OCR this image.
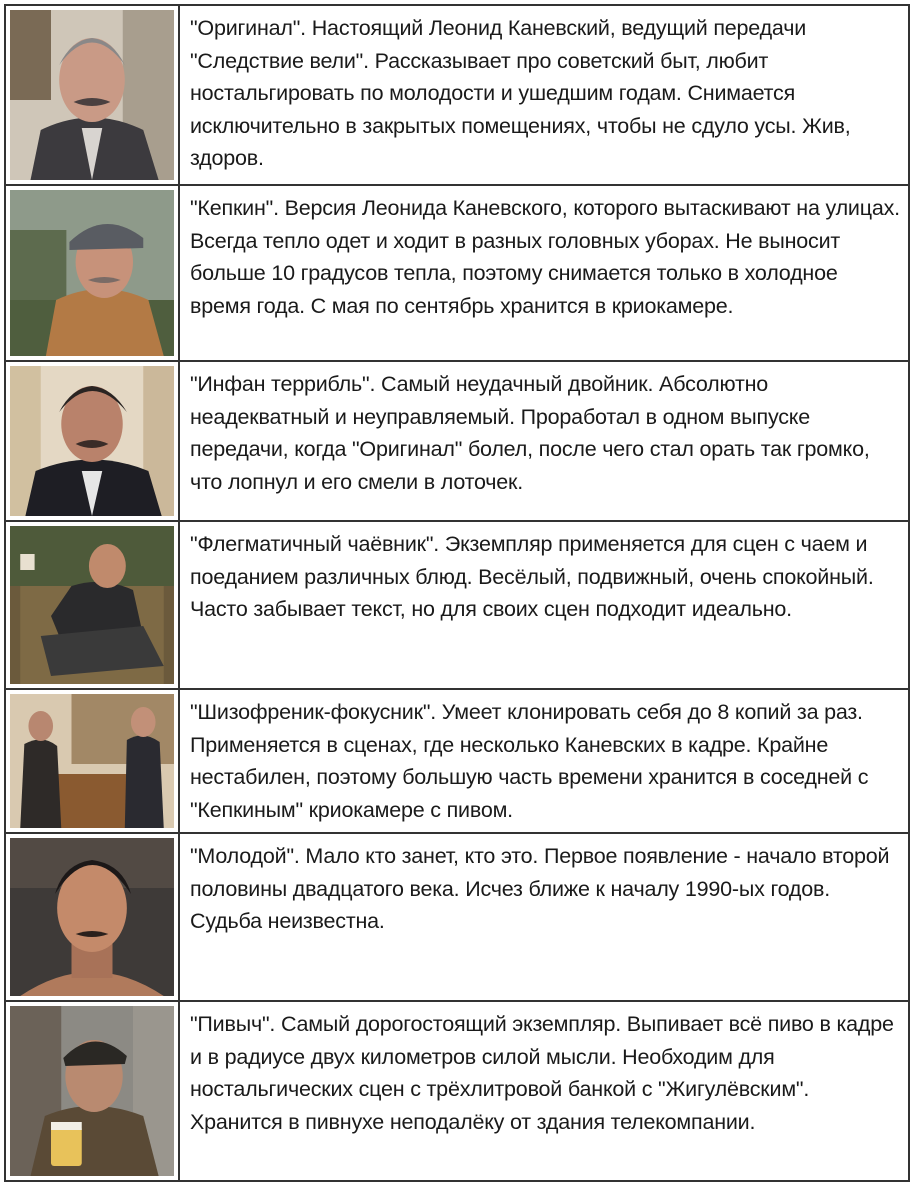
"Оригинал". Настоящий Леонид Каневский, ведущий передачи "Следствие вели". Рассказывает про советский быт, любит ностальгировать по молодости и ушедшим годам. Снимается исключительно в закрытых помещениях, чтобы не сдуло усы. Жив, здоров.

"Кепкин". Версия Леонида Каневского, которого вытаскивают на улицах. Всегда тепло одет и ходит в разных головных уборах. Не выносит больше 10 градусов тепла, поэтому снимается только в холодное время года. С мая по сентябрь хранится в криокамере.

"Инфан террибль". Самый неудачный двойник. Абсолютно неадекватный и неуправляемый. Проработал в одном выпуске передачи, когда "Оригинал" болел, после чего стал орать так громко, что лопнул и его смели в лоточек.

"Флегматичный чаёвник". Экземпляр применяется для сцен с чаем и поеданием различных блюд. Весёлый, подвижный, очень спокойный. Часто забывает текст, но для своих сцен подходит идеально.

"Шизофреник-фокусник". Умеет клонировать себя до 8 копий за раз. Применяется в сценах, где несколько Каневских в кадре. Крайне нестабилен, поэтому большую часть времени хранится в соседней с "Кепкиным" криокамере с пивом.

"Молодой". Мало кто занет, кто это. Первое появление - начало второй половины двадцатого века. Исчез ближе к началу 1990-ых годов. Судьба неизвестна.

"Пивыч". Самый дорогостоящий экземпляр. Выпивает всё пиво в кадре и в радиусе двух километров силой мысли. Необходим для ностальгических сцен с трёхлитровой банкой с "Жигулёвским". Хранится в пивнухе неподалёку от здания телекомпании.
